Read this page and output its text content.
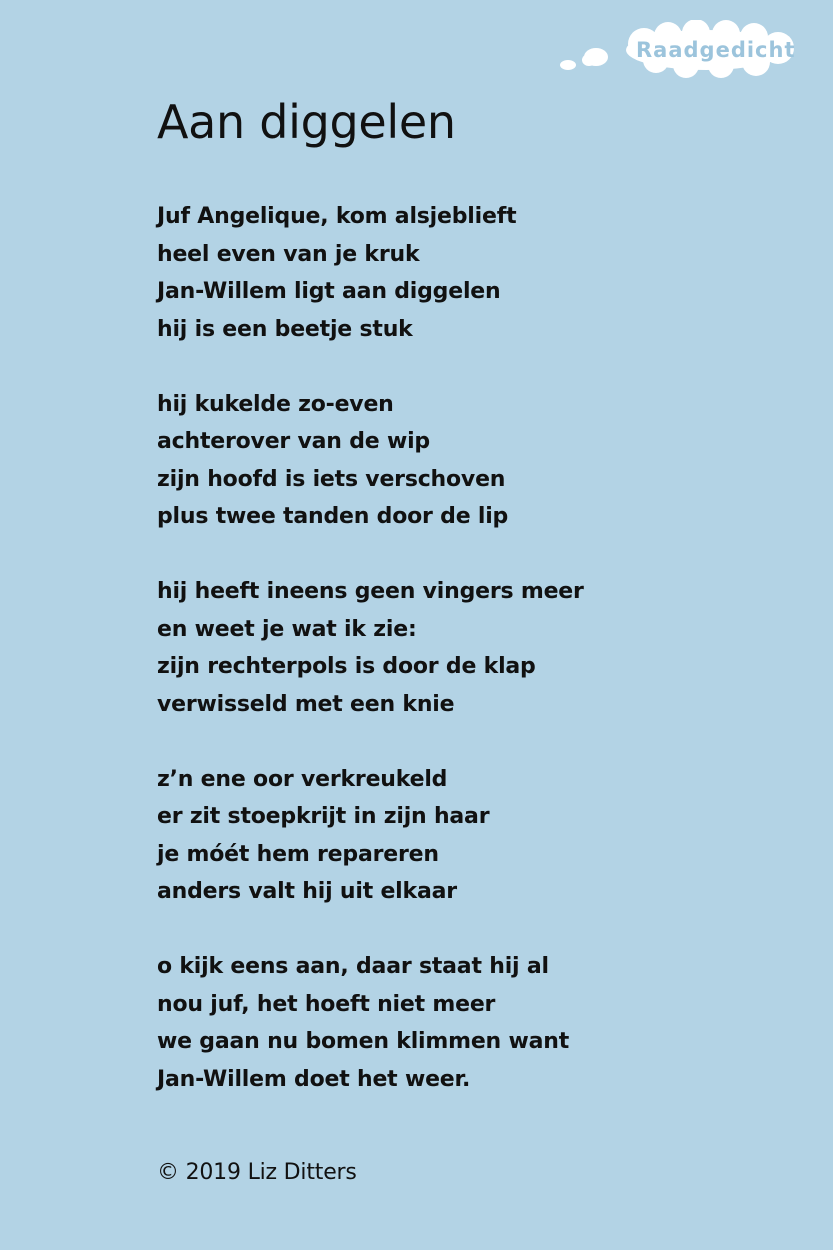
Raadgedicht
Aan diggelen
Juf Angelique, kom alsjeblieft
heel even van je kruk
Jan-Willem ligt aan diggelen
hij is een beetje stuk
hij kukelde zo-even
achterover van de wip
zijn hoofd is iets verschoven
plus twee tanden door de lip
hij heeft ineens geen vingers meer
en weet je wat ik zie:
zijn rechterpols is door de klap
verwisseld met een knie
z’n ene oor verkreukeld
er zit stoepkrijt in zijn haar
je móét hem repareren
anders valt hij uit elkaar
o kijk eens aan, daar staat hij al
nou juf, het hoeft niet meer
we gaan nu bomen klimmen want
Jan-Willem doet het weer.
© 2019 Liz Ditters
